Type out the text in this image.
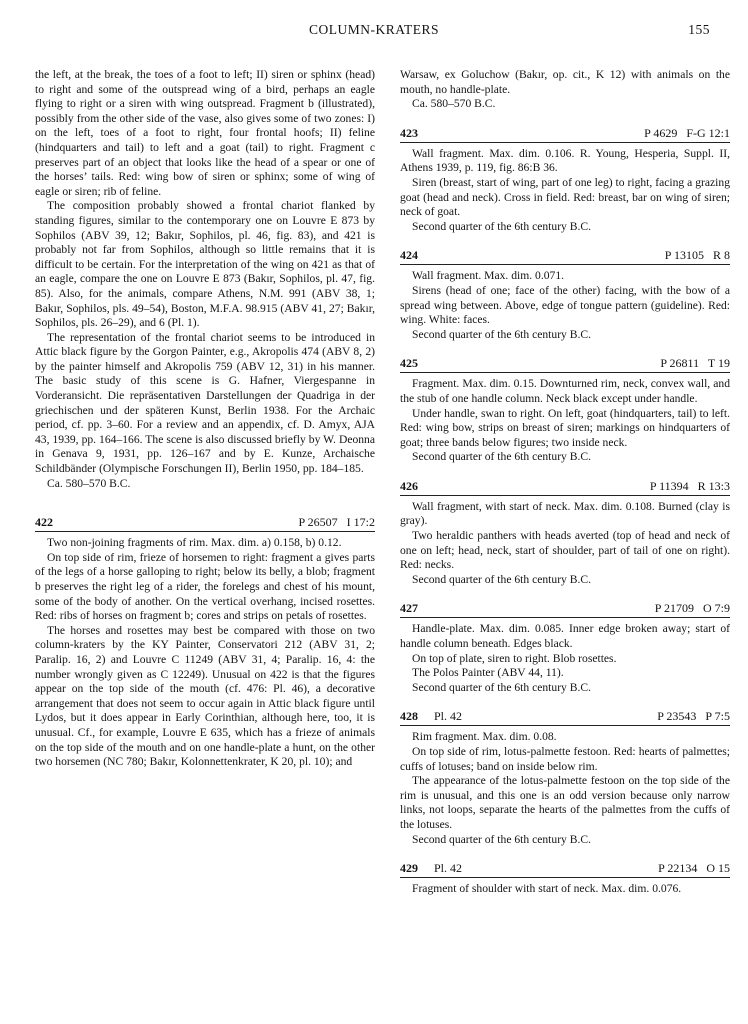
COLUMN-KRATERS	155

the left, at the break, the toes of a foot to left; II) siren or sphinx (head) to right and some of the outspread wing of a bird, perhaps an eagle flying to right or a siren with wing outspread. Fragment b (illustrated), possibly from the other side of the vase, also gives some of two zones: I) on the left, toes of a foot to right, four frontal hoofs; II) feline (hindquarters and tail) to left and a goat (tail) to right. Fragment c preserves part of an object that looks like the head of a spear or one of the horses’ tails. Red: wing bow of siren or sphinx; some of wing of eagle or siren; rib of feline.

The composition probably showed a frontal chariot flanked by standing figures, similar to the contemporary one on Louvre E 873 by Sophilos (ABV 39, 12; Bakır, Sophilos, pl. 46, fig. 83), and 421 is probably not far from Sophilos, although so little remains that it is difficult to be certain. For the interpretation of the wing on 421 as that of an eagle, compare the one on Louvre E 873 (Bakır, Sophilos, pl. 47, fig. 85). Also, for the animals, compare Athens, N.M. 991 (ABV 38, 1; Bakır, Sophilos, pls. 49–54), Boston, M.F.A. 98.915 (ABV 41, 27; Bakır, Sophilos, pls. 26–29), and 6 (Pl. 1).

The representation of the frontal chariot seems to be introduced in Attic black figure by the Gorgon Painter, e.g., Akropolis 474 (ABV 8, 2) by the painter himself and Akropolis 759 (ABV 12, 31) in his manner. The basic study of this scene is G. Hafner, Viergespanne in Vorderansicht. Die repräsentativen Darstellungen der Quadriga in der griechischen und der späteren Kunst, Berlin 1938. For the Archaic period, cf. pp. 3–60. For a review and an appendix, cf. D. Amyx, AJA 43, 1939, pp. 164–166. The scene is also discussed briefly by W. Deonna in Genava 9, 1931, pp. 126–167 and by E. Kunze, Archaische Schildbänder (Olympische Forschungen II), Berlin 1950, pp. 184–185.

Ca. 580–570 B.C.

422	P 26507   I 17:2

Two non-joining fragments of rim. Max. dim. a) 0.158, b) 0.12.

On top side of rim, frieze of horsemen to right: fragment a gives parts of the legs of a horse galloping to right; below its belly, a blob; fragment b preserves the right leg of a rider, the forelegs and chest of his mount, some of the body of another. On the vertical overhang, incised rosettes. Red: ribs of horses on fragment b; cores and strips on petals of rosettes.

The horses and rosettes may best be compared with those on two column-kraters by the KY Painter, Conservatori 212 (ABV 31, 2; Paralip. 16, 2) and Louvre C 11249 (ABV 31, 4; Paralip. 16, 4: the number wrongly given as C 12249). Unusual on 422 is that the figures appear on the top side of the mouth (cf. 476: Pl. 46), a decorative arrangement that does not seem to occur again in Attic black figure until Lydos, but it does appear in Early Corinthian, although here, too, it is unusual. Cf., for example, Louvre E 635, which has a frieze of animals on the top side of the mouth and on one handle-plate a hunt, on the other two horsemen (NC 780; Bakır, Kolonnettenkrater, K 20, pl. 10); and

Warsaw, ex Goluchow (Bakır, op. cit., K 12) with animals on the mouth, no handle-plate.

Ca. 580–570 B.C.

423	P 4629   F-G 12:1

Wall fragment. Max. dim. 0.106. R. Young, Hesperia, Suppl. II, Athens 1939, p. 119, fig. 86:B 36.

Siren (breast, start of wing, part of one leg) to right, facing a grazing goat (head and neck). Cross in field. Red: breast, bar on wing of siren; neck of goat.

Second quarter of the 6th century B.C.

424	P 13105   R 8

Wall fragment. Max. dim. 0.071.

Sirens (head of one; face of the other) facing, with the bow of a spread wing between. Above, edge of tongue pattern (guideline). Red: wing. White: faces.

Second quarter of the 6th century B.C.

425	P 26811   T 19

Fragment. Max. dim. 0.15. Downturned rim, neck, convex wall, and the stub of one handle column. Neck black except under handle.

Under handle, swan to right. On left, goat (hindquarters, tail) to left. Red: wing bow, strips on breast of siren; markings on hindquarters of goat; three bands below figures; two inside neck.

Second quarter of the 6th century B.C.

426	P 11394   R 13:3

Wall fragment, with start of neck. Max. dim. 0.108. Burned (clay is gray).

Two heraldic panthers with heads averted (top of head and neck of one on left; head, neck, start of shoulder, part of tail of one on right). Red: necks.

Second quarter of the 6th century B.C.

427	P 21709   O 7:9

Handle-plate. Max. dim. 0.085. Inner edge broken away; start of handle column beneath. Edges black.

On top of plate, siren to right. Blob rosettes.

The Polos Painter (ABV 44, 11).

Second quarter of the 6th century B.C.

428 Pl. 42	P 23543   P 7:5

Rim fragment. Max. dim. 0.08.

On top side of rim, lotus-palmette festoon. Red: hearts of palmettes; cuffs of lotuses; band on inside below rim.

The appearance of the lotus-palmette festoon on the top side of the rim is unusual, and this one is an odd version because only narrow links, not loops, separate the hearts of the palmettes from the cuffs of the lotuses.

Second quarter of the 6th century B.C.

429 Pl. 42	P 22134   O 15

Fragment of shoulder with start of neck. Max. dim. 0.076.
